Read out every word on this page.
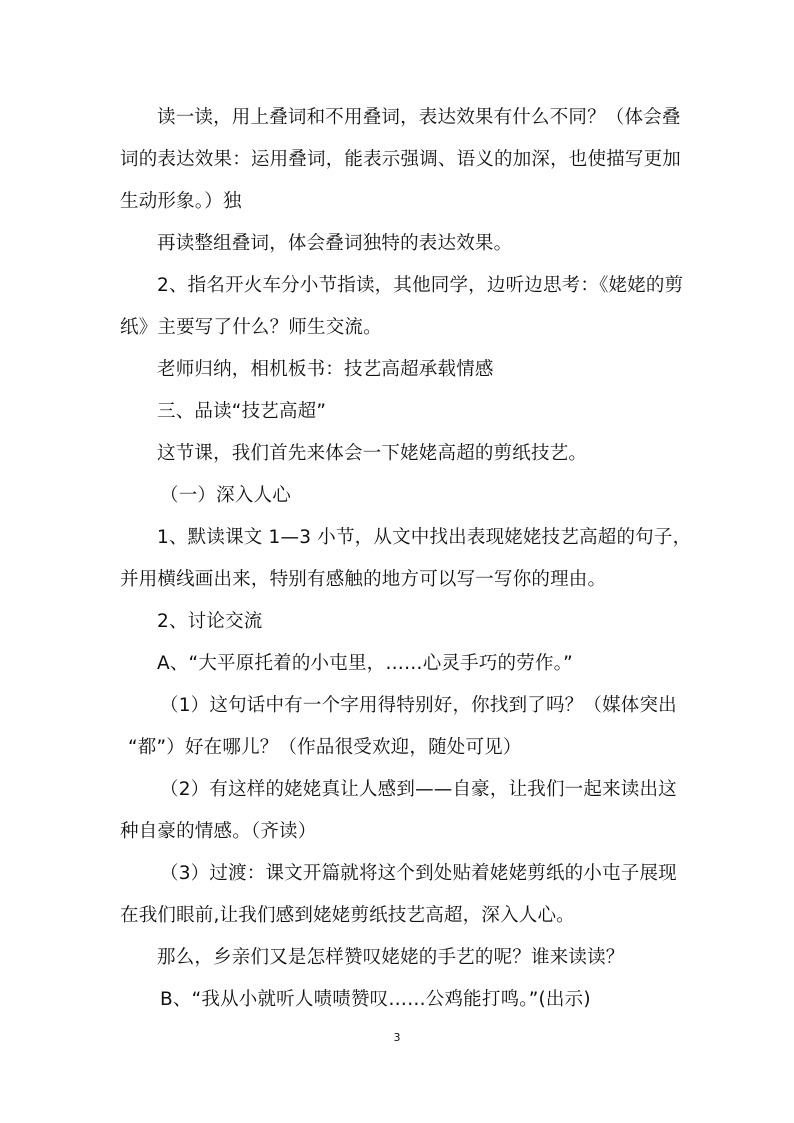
读一读，用上叠词和不用叠词，表达效果有什么不同？（体会叠
词的表达效果：运用叠词，能表示强调、语义的加深，也使描写更加
生动形象。）独
再读整组叠词，体会叠词独特的表达效果。
2、指名开火车分小节指读，其他同学，边听边思考：《姥姥的剪
纸》主要写了什么？师生交流。
老师归纳，相机板书：技艺高超承载情感
三、品读“技艺高超”
这节课，我们首先来体会一下姥姥高超的剪纸技艺。
（一）深入人心
1、默读课文 1—3 小节，从文中找出表现姥姥技艺高超的句子，
并用横线画出来，特别有感触的地方可以写一写你的理由。
2、讨论交流
A、“大平原托着的小屯里，……心灵手巧的劳作。”
（1）这句话中有一个字用得特别好，你找到了吗？（媒体突出
“都”）好在哪儿？（作品很受欢迎，随处可见）
（2）有这样的姥姥真让人感到——自豪，让我们一起来读出这
种自豪的情感。（齐读）
（3）过渡：课文开篇就将这个到处贴着姥姥剪纸的小屯子展现
在我们眼前,让我们感到姥姥剪纸技艺高超，深入人心。
那么，乡亲们又是怎样赞叹姥姥的手艺的呢？谁来读读？
B、“我从小就听人啧啧赞叹……公鸡能打鸣。”(出示)
3
